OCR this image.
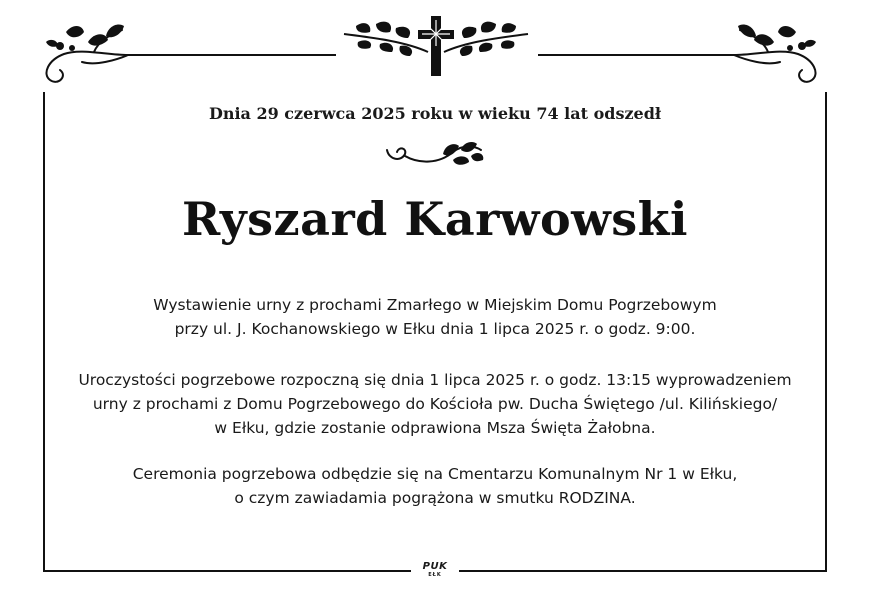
Dnia 29 czerwca 2025 roku w wieku 74 lat odszedł
Ryszard Karwowski

Wystawienie urny z prochami Zmarłego w Miejskim Domu Pogrzebowym
przy ul. J. Kochanowskiego w Ełku dnia 1 lipca 2025 r. o godz. 9:00.

Uroczystości pogrzebowe rozpoczną się dnia 1 lipca 2025 r. o godz. 13:15 wyprowadzeniem
urny z prochami z Domu Pogrzebowego do Kościoła pw. Ducha Świętego /ul. Kilińskiego/
w Ełku, gdzie zostanie odprawiona Msza Święta Żałobna.

Ceremonia pogrzebowa odbędzie się na Cmentarzu Komunalnym Nr 1 w Ełku,
o czym zawiadamia pogrążona w smutku RODZINA.

PUK
EŁK
